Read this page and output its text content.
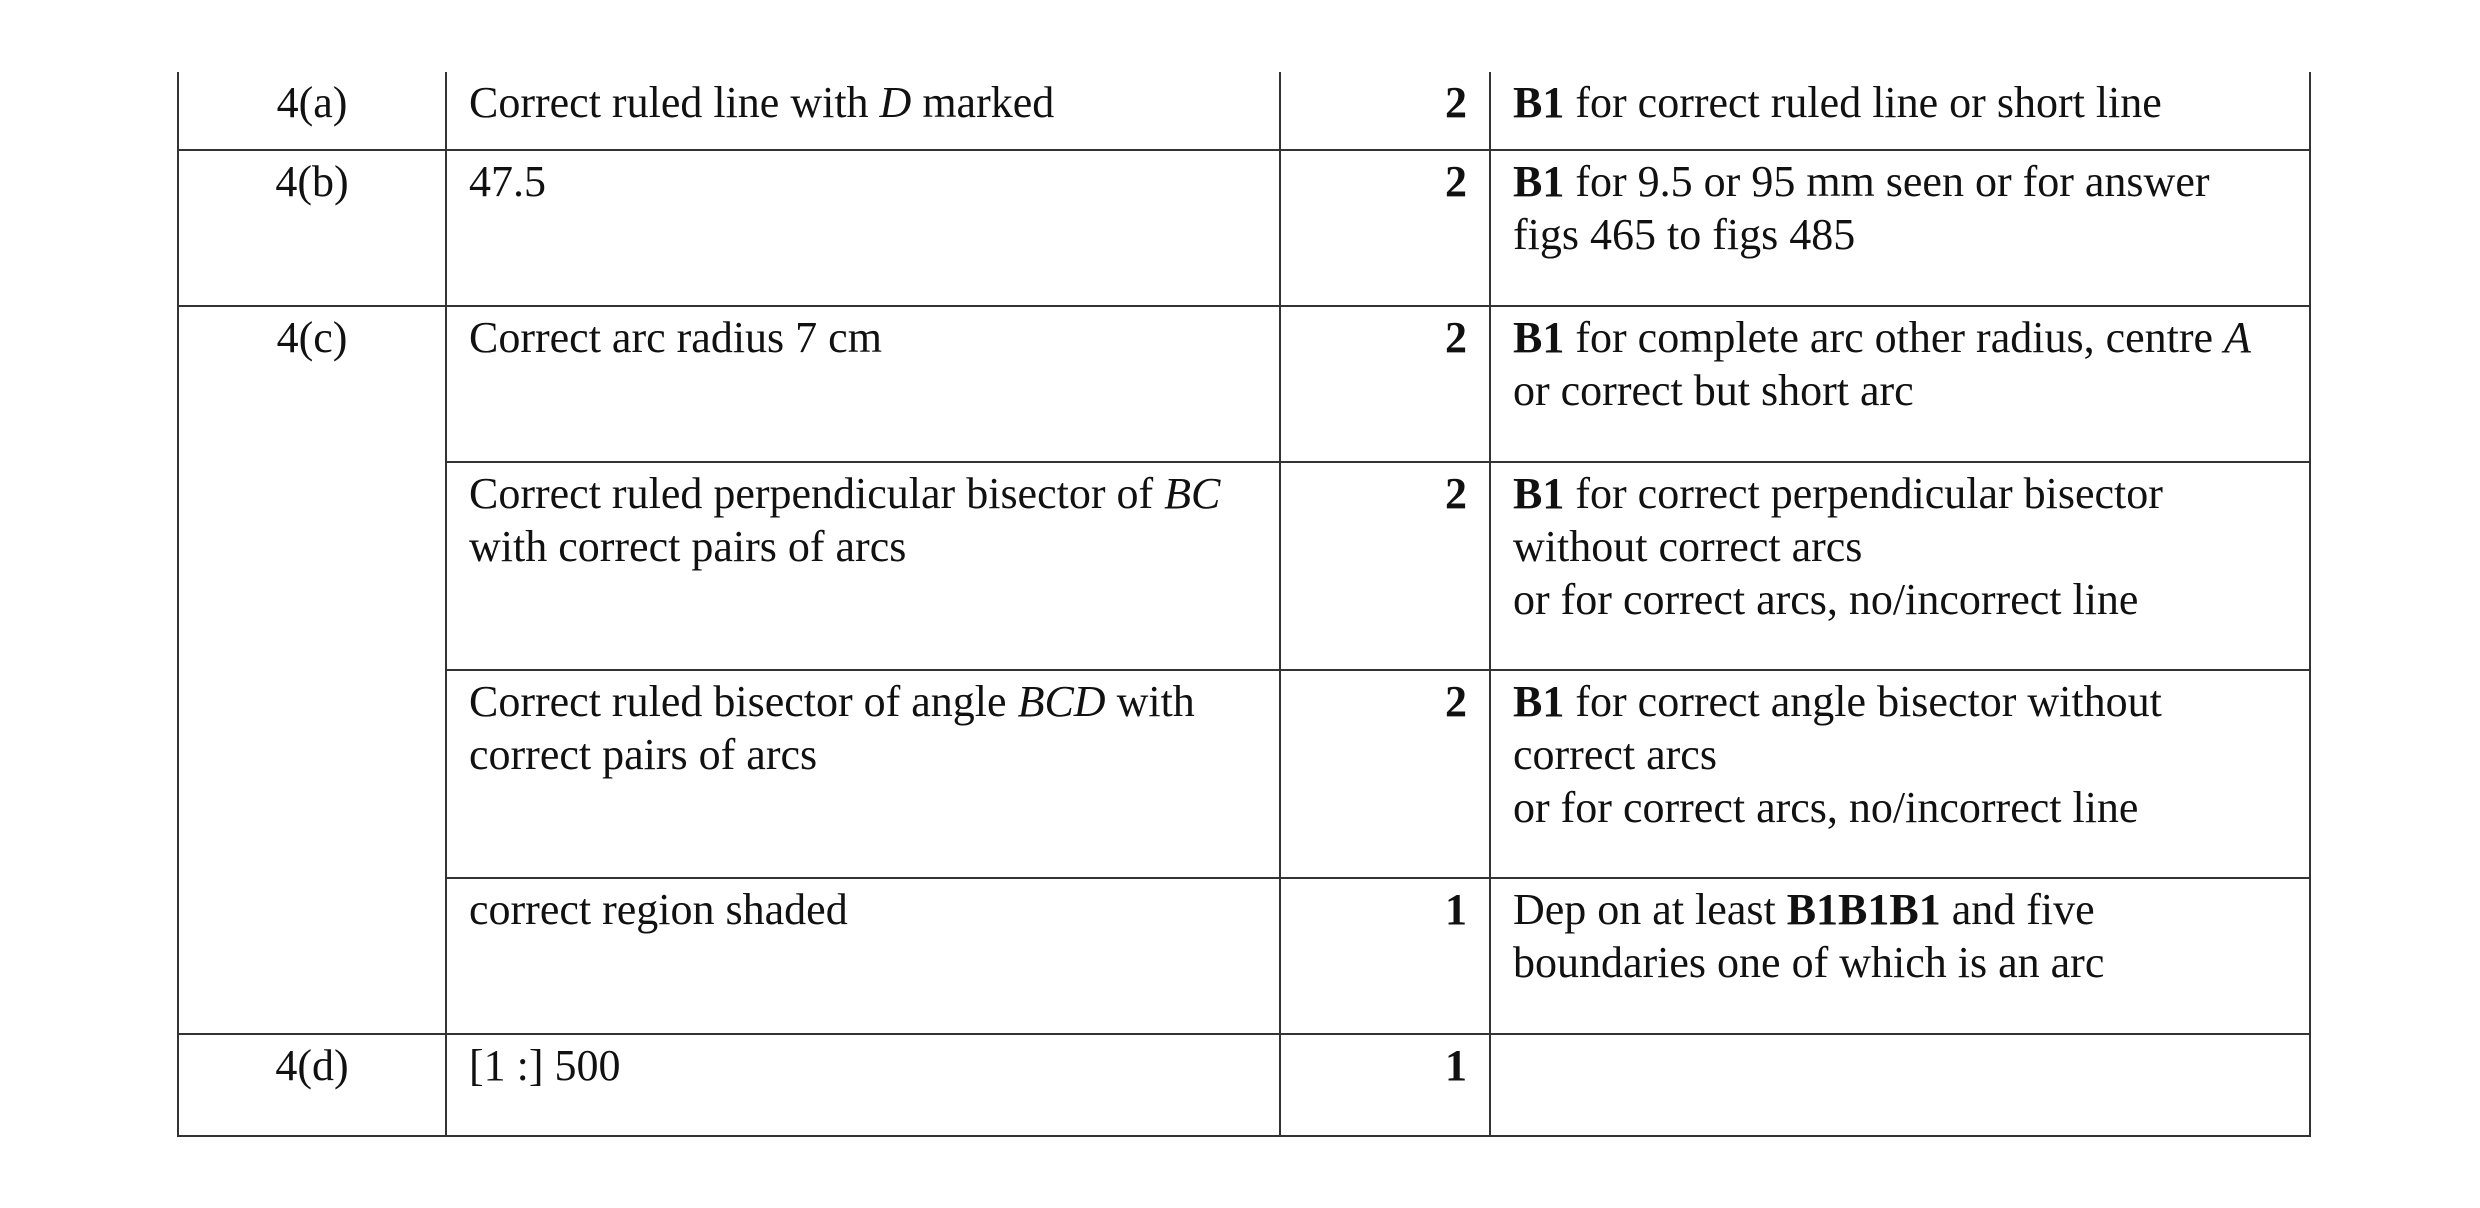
4(a)	Correct ruled line with D marked	2	B1 for correct ruled line or short line

4(b)	47.5	2	B1 for 9.5 or 95 mm seen or for answer figs 465 to figs 485

4(c)	Correct arc radius 7 cm	2	B1 for complete arc other radius, centre A or correct but short arc

	Correct ruled perpendicular bisector of BC with correct pairs of arcs	2	B1 for correct perpendicular bisector without correct arcs
or for correct arcs, no/incorrect line

	Correct ruled bisector of angle BCD with correct pairs of arcs	2	B1 for correct angle bisector without correct arcs
or for correct arcs, no/incorrect line

	correct region shaded	1	Dep on at least B1B1B1 and five boundaries one of which is an arc

4(d)	[1 :] 500	1	
